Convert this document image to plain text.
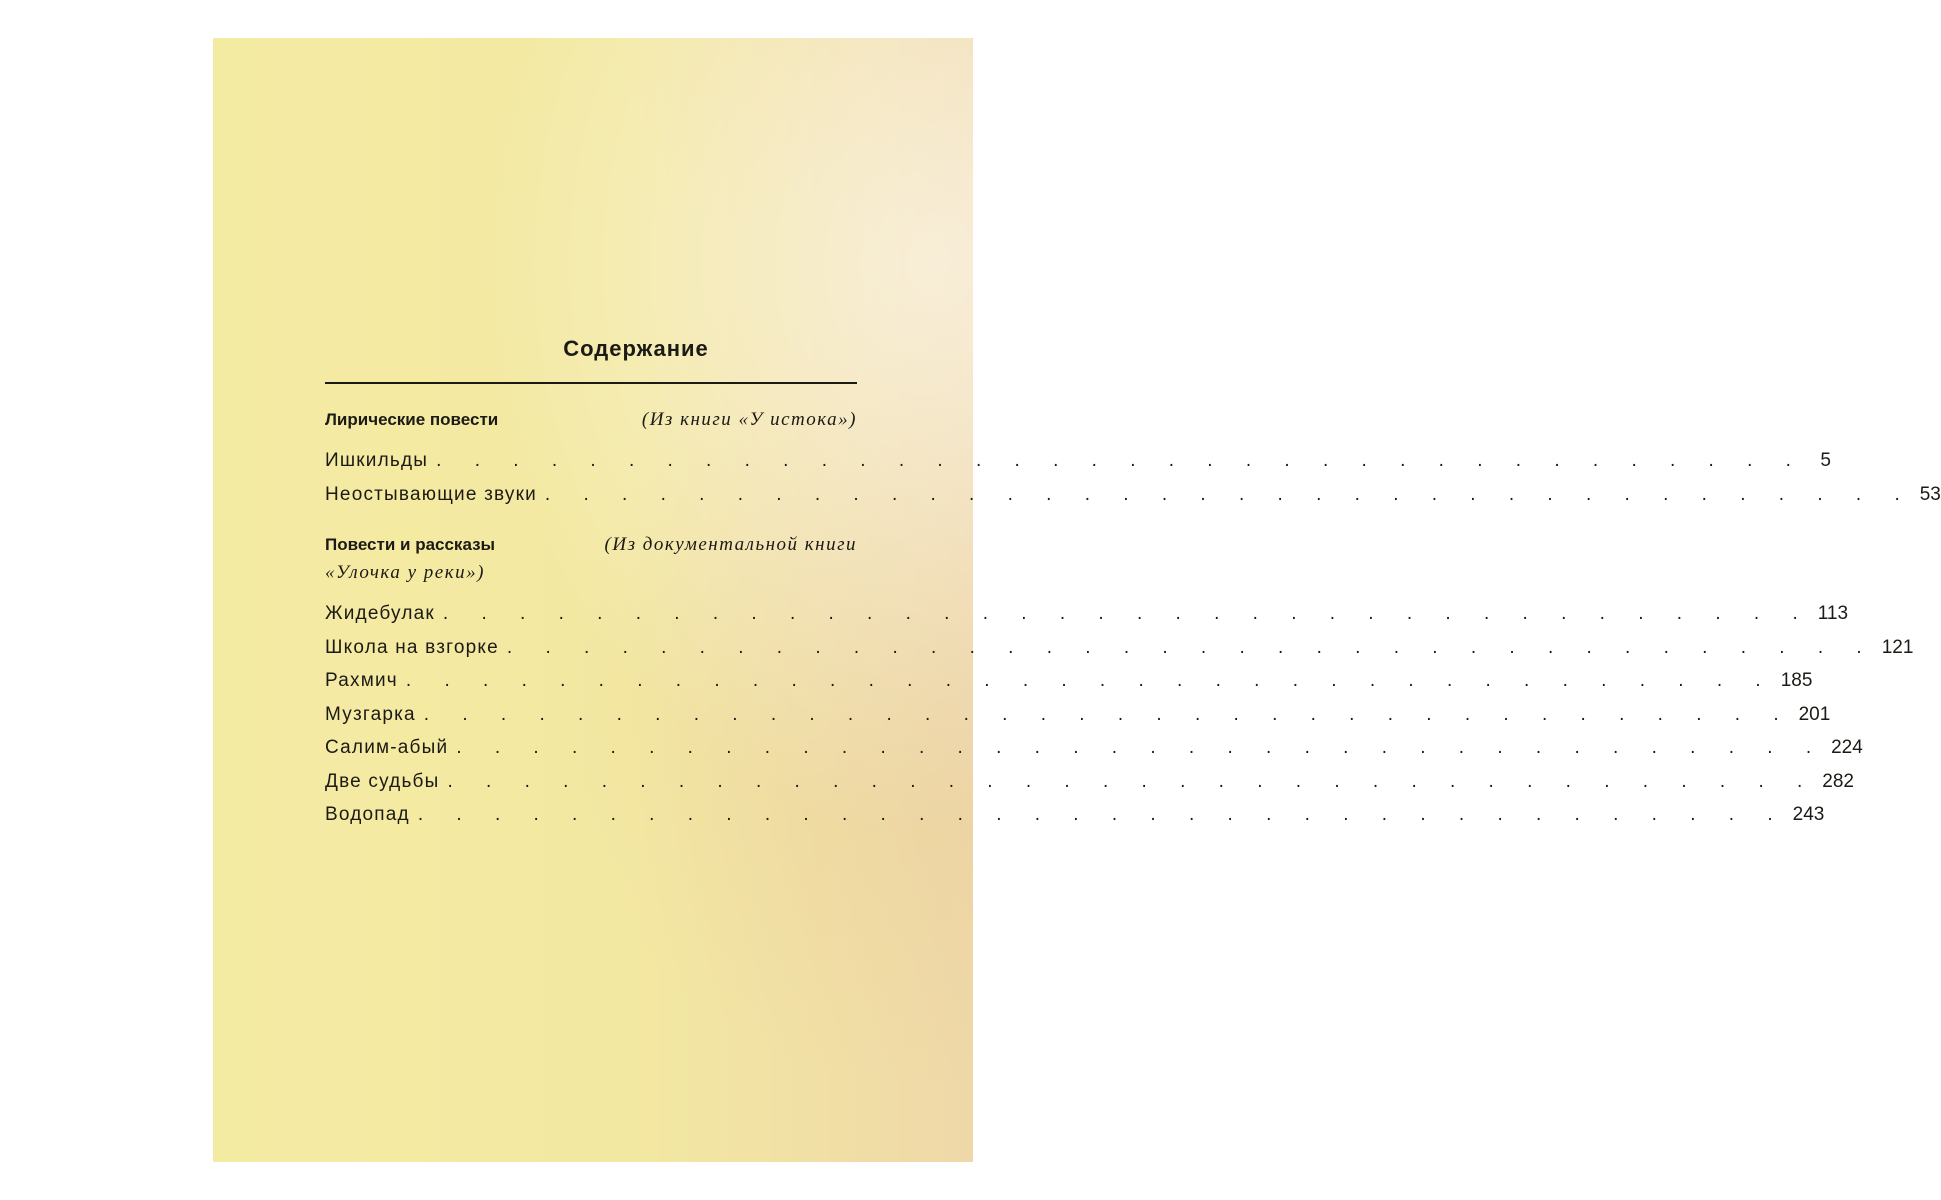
Содержание
Лирические повести	(Из книги «У истока»)
Ишкильды . . . . . . . . . . . . . . . . . . . . . . . . . . . . . . . . . . . . 5
Неостывающие звуки . . . . . . . . . . . . . . . . . . . . . . . . . . . . . . . . . . . . 53
Повести и рассказы	(Из документальной книги
«Улочка у реки»)
Жидебулак . . . . . . . . . . . . . . . . . . . . . . . . . . . . . . . . . . . . 113
Школа на взгорке . . . . . . . . . . . . . . . . . . . . . . . . . . . . . . . . . . . . 121
Рахмич . . . . . . . . . . . . . . . . . . . . . . . . . . . . . . . . . . . . 185
Музгарка . . . . . . . . . . . . . . . . . . . . . . . . . . . . . . . . . . . . 201
Салим-абый . . . . . . . . . . . . . . . . . . . . . . . . . . . . . . . . . . . . 224
Две судьбы . . . . . . . . . . . . . . . . . . . . . . . . . . . . . . . . . . . . 282
Водопад . . . . . . . . . . . . . . . . . . . . . . . . . . . . . . . . . . . . 243
